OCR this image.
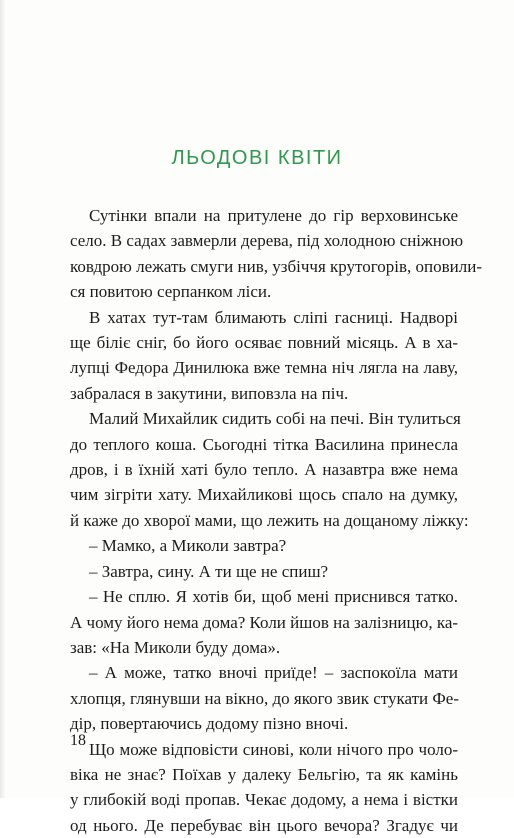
ЛЬОДОВІ КВІТИ
Сутінки впали на притулене до гір верховинське
село. В садах завмерли дерева, під холодною сніжною
ковдрою лежать смуги нив, узбіччя крутогорів, оповили-
ся повитою серпанком ліси.
В хатах тут-там блимають сліпі гасниці. Надворі
ще біліє сніг, бо його осяває повний місяць. А в ха-
лупці Федора Динилюка вже темна ніч лягла на лаву,
забралася в закутини, виповзла на піч.
Малий Михайлик сидить собі на печі. Він тулиться
до теплого коша. Сьогодні тітка Василина принесла
дров, і в їхній хаті було тепло. А назавтра вже нема
чим зігріти хату. Михайликові щось спало на думку,
й каже до хворої мами, що лежить на дощаному ліжку:
– Мамко, а Миколи завтра?
– Завтра, сину. А ти ще не спиш?
– Не сплю. Я хотів би, щоб мені приснився татко.
А чому його нема дома? Коли йшов на залізницю, ка-
зав: «На Миколи буду дома».
– А може, татко вночі приїде! – заспокоїла мати
хлопця, глянувши на вікно, до якого звик стукати Фе-
дір, повертаючись додому пізно вночі.
Що може відповісти синові, коли нічого про чоло-
віка не знає? Поїхав у далеку Бельгію, та як камінь
у глибокій воді пропав. Чекає додому, а нема і вістки
од нього. Де перебуває він цього вечора? Згадує чи
18
